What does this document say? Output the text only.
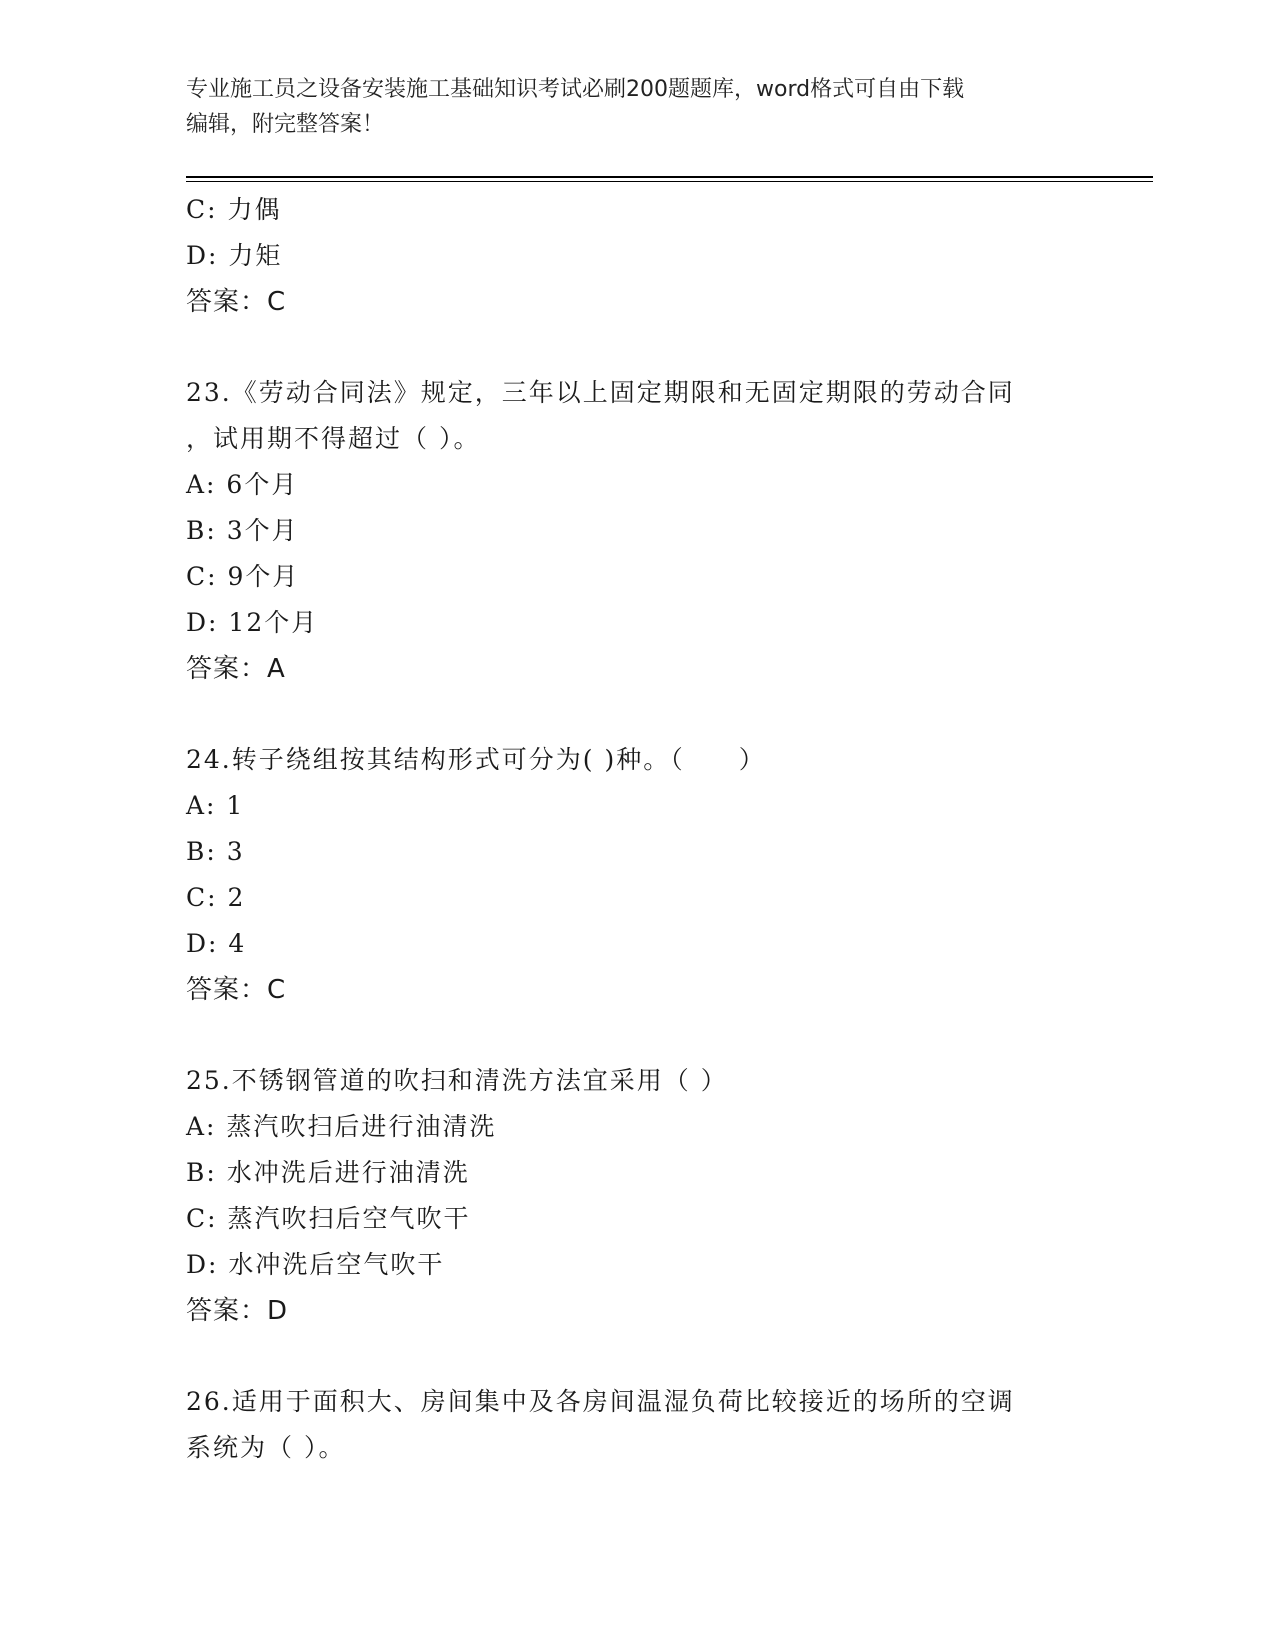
专业施工员之设备安装施工基础知识考试必刷200题题库，word格式可自由下载
编辑，附完整答案！
C: 力偶
D: 力矩
答案：C
23.《劳动合同法》规定，三年以上固定期限和无固定期限的劳动合同
，试用期不得超过（ ）。
A: 6个月
B: 3个月
C: 9个月
D: 12个月
答案：A
24.转子绕组按其结构形式可分为( )种。（　　）
A: 1
B: 3
C: 2
D: 4
答案：C
25.不锈钢管道的吹扫和清洗方法宜采用（ ）
A: 蒸汽吹扫后进行油清洗
B: 水冲洗后进行油清洗
C: 蒸汽吹扫后空气吹干
D: 水冲洗后空气吹干
答案：D
26.适用于面积大、房间集中及各房间温湿负荷比较接近的场所的空调
系统为（ ）。
